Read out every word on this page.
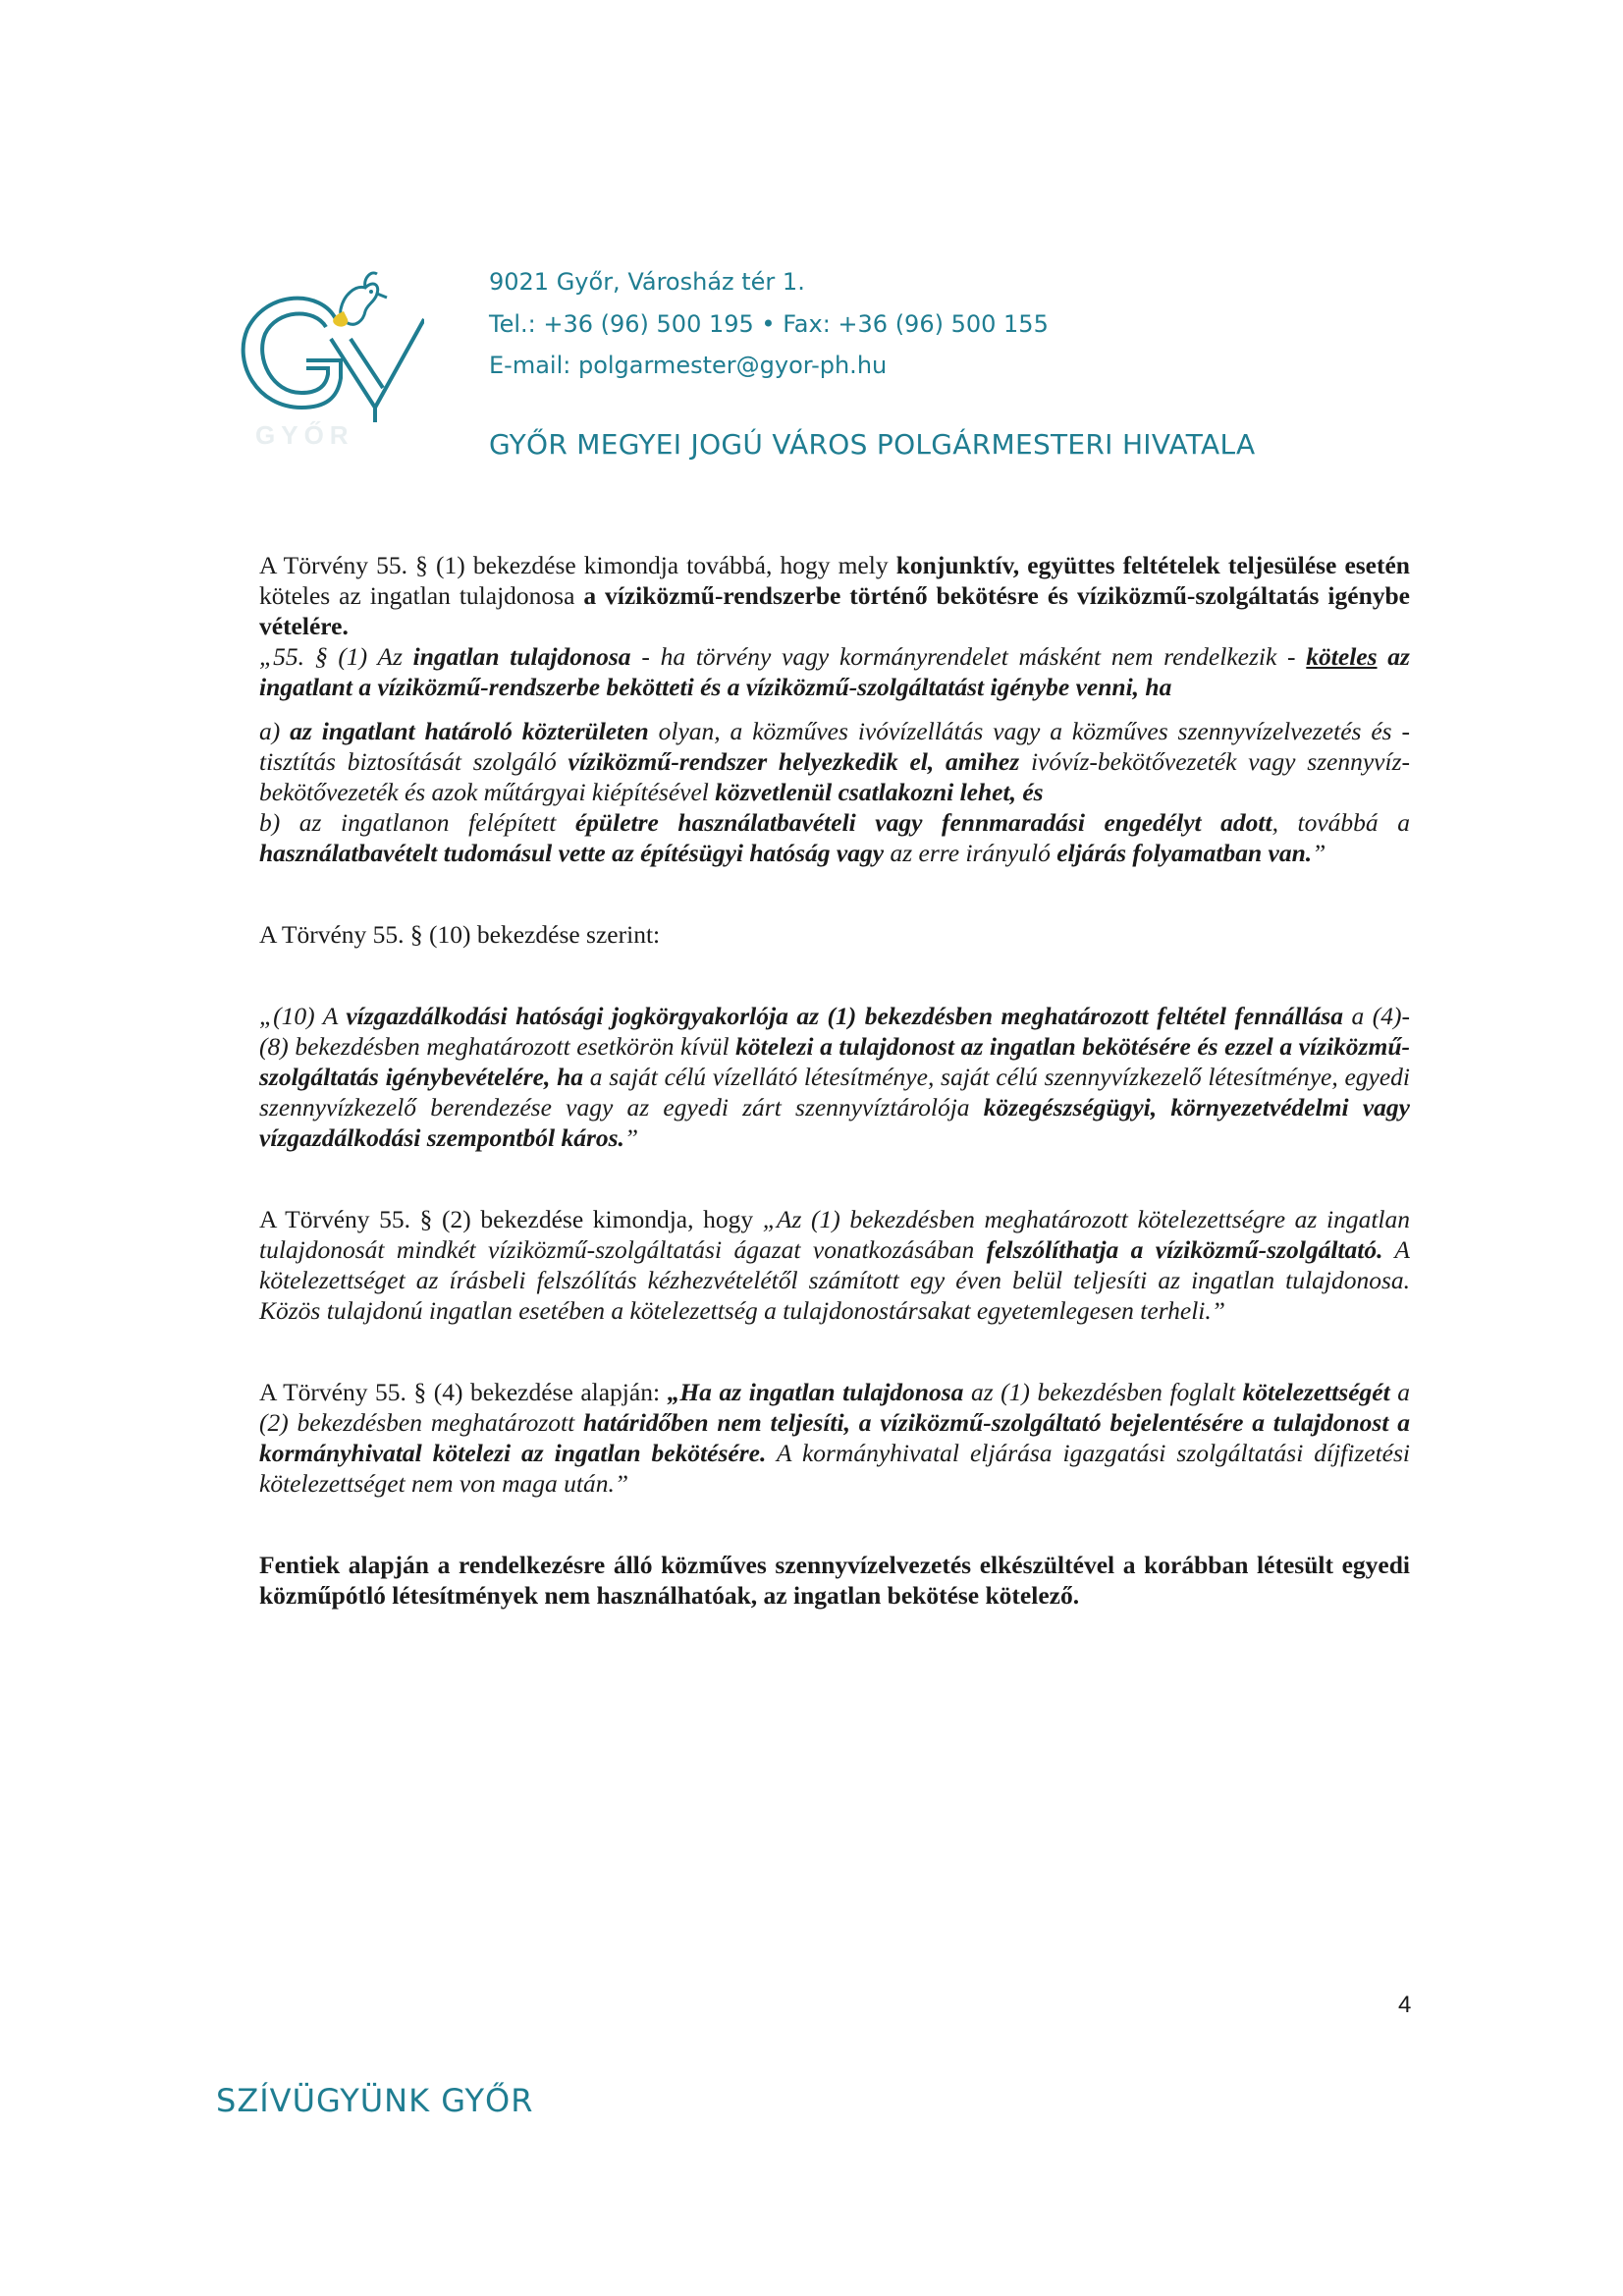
GYŐR
9021 Győr, Városház tér 1.
Tel.: +36 (96) 500 195 • Fax: +36 (96) 500 155
E-mail: polgarmester@gyor-ph.hu
GYŐR MEGYEI JOGÚ VÁROS POLGÁRMESTERI HIVATALA

A Törvény 55. § (1) bekezdése kimondja továbbá, hogy mely konjunktív, együttes feltételek teljesülése esetén köteles az ingatlan tulajdonosa a víziközmű-rendszerbe történő bekötésre és víziközmű-szolgáltatás igénybe vételére.

„55. § (1) Az ingatlan tulajdonosa - ha törvény vagy kormányrendelet másként nem rendelkezik - köteles az ingatlant a víziközmű-rendszerbe bekötteti és a víziközmű-szolgáltatást igénybe venni, ha

a) az ingatlant határoló közterületen olyan, a közműves ivóvízellátás vagy a közműves szennyvízelvezetés és -tisztítás biztosítását szolgáló víziközmű-rendszer helyezkedik el, amihez ivóvíz-bekötővezeték vagy szennyvíz-bekötővezeték és azok műtárgyai kiépítésével közvetlenül csatlakozni lehet, és

b) az ingatlanon felépített épületre használatbavételi vagy fennmaradási engedélyt adott, továbbá a használatbavételt tudomásul vette az építésügyi hatóság vagy az erre irányuló eljárás folyamatban van.”

A Törvény 55. § (10) bekezdése szerint:

„(10) A vízgazdálkodási hatósági jogkörgyakorlója az (1) bekezdésben meghatározott feltétel fennállása a (4)-(8) bekezdésben meghatározott esetkörön kívül kötelezi a tulajdonost az ingatlan bekötésére és ezzel a víziközmű-szolgáltatás igénybevételére, ha a saját célú vízellátó létesítménye, saját célú szennyvízkezelő létesítménye, egyedi szennyvízkezelő berendezése vagy az egyedi zárt szennyvíztárolója közegészségügyi, környezetvédelmi vagy vízgazdálkodási szempontból káros.”

A Törvény 55. § (2) bekezdése kimondja, hogy „Az (1) bekezdésben meghatározott kötelezettségre az ingatlan tulajdonosát mindkét víziközmű-szolgáltatási ágazat vonatkozásában felszólíthatja a víziközmű-szolgáltató. A kötelezettséget az írásbeli felszólítás kézhezvételétől számított egy éven belül teljesíti az ingatlan tulajdonosa. Közös tulajdonú ingatlan esetében a kötelezettség a tulajdonostársakat egyetemlegesen terheli.”

A Törvény 55. § (4) bekezdése alapján: „Ha az ingatlan tulajdonosa az (1) bekezdésben foglalt kötelezettségét a (2) bekezdésben meghatározott határidőben nem teljesíti, a víziközmű-szolgáltató bejelentésére a tulajdonost a kormányhivatal kötelezi az ingatlan bekötésére. A kormányhivatal eljárása igazgatási szolgáltatási díjfizetési kötelezettséget nem von maga után.”

Fentiek alapján a rendelkezésre álló közműves szennyvízelvezetés elkészültével a korábban létesült egyedi közműpótló létesítmények nem használhatóak, az ingatlan bekötése kötelező.

4
SZÍVÜGYÜNK GYŐR
